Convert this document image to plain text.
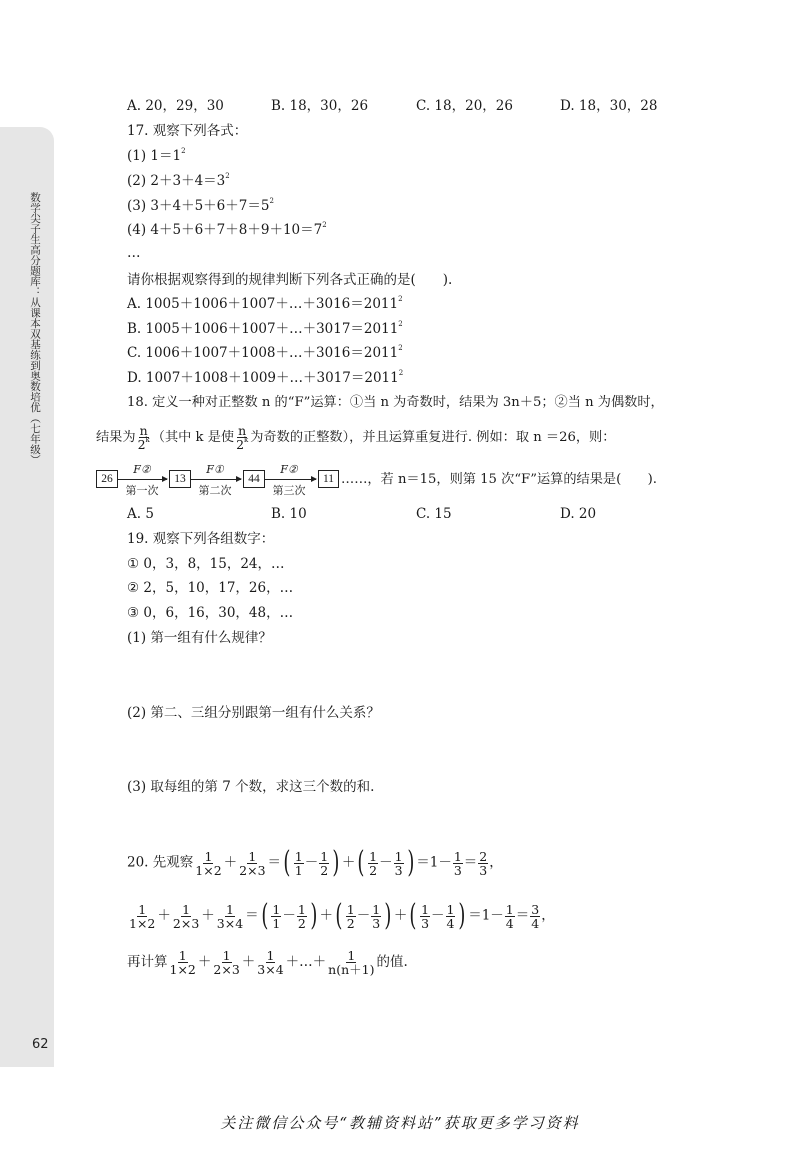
数学尖子生高分题库：从课本双基练到奥数培优（七年级）
62
A. 20，29，30	B. 18，30，26	C. 18，20，26	D. 18，30，28
17. 观察下列各式：
(1) $1=1^2$
(2) $2+3+4=3^2$
(3) $3+4+5+6+7=5^2$
(4) $4+5+6+7+8+9+10=7^2$
…
请你根据观察得到的规律判断下列各式正确的是(　　).
A. $1005+1006+1007+\dots+3016=2011^2$
B. $1005+1006+1007+\dots+3017=2011^2$
C. $1006+1007+1008+\dots+3016=2011^2$
D. $1007+1008+1009+\dots+3017=2011^2$
18. 定义一种对正整数 n 的“F”运算：①当 n 为奇数时，结果为 3n＋5；②当 n 为偶数时，
结果为 $\frac{n}{2^k}$ （其中 k 是使 $\frac{n}{2^k}$ 为奇数的正整数），并且运算重复进行. 例如：取 n ＝26，则：
26
F②
第一次
13
F①
第二次
44
F②
第三次
11 ……，若 n＝15，则第 15 次“F”运算的结果是(　　).
A. 5	B. 10	C. 15	D. 20
19. 观察下列各组数字：
① 0，3，8，15，24，…
② 2，5，10，17，26，…
③ 0，6，16，30，48，…
(1) 第一组有什么规律？
(2) 第二、三组分别跟第一组有什么关系？
(3) 取每组的第 7 个数，求这三个数的和.
20. 先观察 $\frac{1}{1\times 2} + \frac{1}{2\times 3}$ ＝( $\frac{1}{1} - \frac{1}{2}$ ) ＋( $\frac{1}{2} - \frac{1}{3}$ ) $=1- \frac{1}{3} = \frac{2}{3}$ ，
$\frac{1}{1\times 2} + \frac{1}{2\times 3} + \frac{1}{3\times 4}$ ＝( $\frac{1}{1} - \frac{1}{2}$ ) ＋( $\frac{1}{2} - \frac{1}{3}$ ) ＋( $\frac{1}{3} - \frac{1}{4}$ ) $=1- \frac{1}{4} = \frac{3}{4}$ ，
再计算 $\frac{1}{1\times 2} + \frac{1}{2\times 3} + \frac{1}{3\times 4}$ ＋…＋ $\frac{1}{n(n+1)}$ 的值.
关注微信公众号“教辅资料站”获取更多学习资料
